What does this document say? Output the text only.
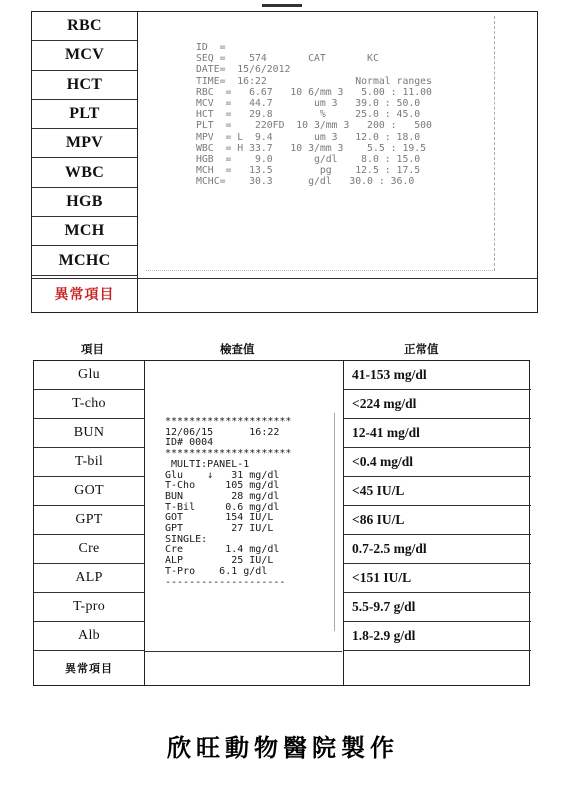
RBC
MCV
HCT
PLT
MPV
WBC
HGB
MCH
MCHC
異常項目
ID  =
SEQ =    574       CAT       KC
DATE=  15/6/2012
TIME=  16:22               Normal ranges
RBC  =   6.67   10 6/mm 3   5.00 : 11.00
MCV  =   44.7       um 3   39.0 : 50.0
HCT  =   29.8        %     25.0 : 45.0
PLT  =    220FD  10 3/mm 3   200 :   500
MPV  = L  9.4       um 3   12.0 : 18.0
WBC  = H 33.7   10 3/mm 3    5.5 : 19.5
HGB  =    9.0       g/dl    8.0 : 15.0
MCH  =   13.5        pg    12.5 : 17.5
MCHC=    30.3      g/dl   30.0 : 36.0
項目	檢查值	正常值
Glu
T-cho
BUN
T-bil
GOT
GPT
Cre
ALP
T-pro
Alb
異常項目
*********************
12/06/15      16:22
ID# 0004
*********************
MULTI:PANEL-1
Glu    ↓   31 mg/dl
T-Cho     105 mg/dl
BUN        28 mg/dl
T-Bil     0.6 mg/dl
GOT       154 IU/L
GPT        27 IU/L
SINGLE:
Cre       1.4 mg/dl
ALP        25 IU/L
T-Pro    6.1 g/dl
--------------------
41-153 mg/dl
<224 mg/dl
12-41 mg/dl
<0.4 mg/dl
<45 IU/L
<86 IU/L
0.7-2.5 mg/dl
<151 IU/L
5.5-9.7 g/dl
1.8-2.9 g/dl
欣旺動物醫院製作
